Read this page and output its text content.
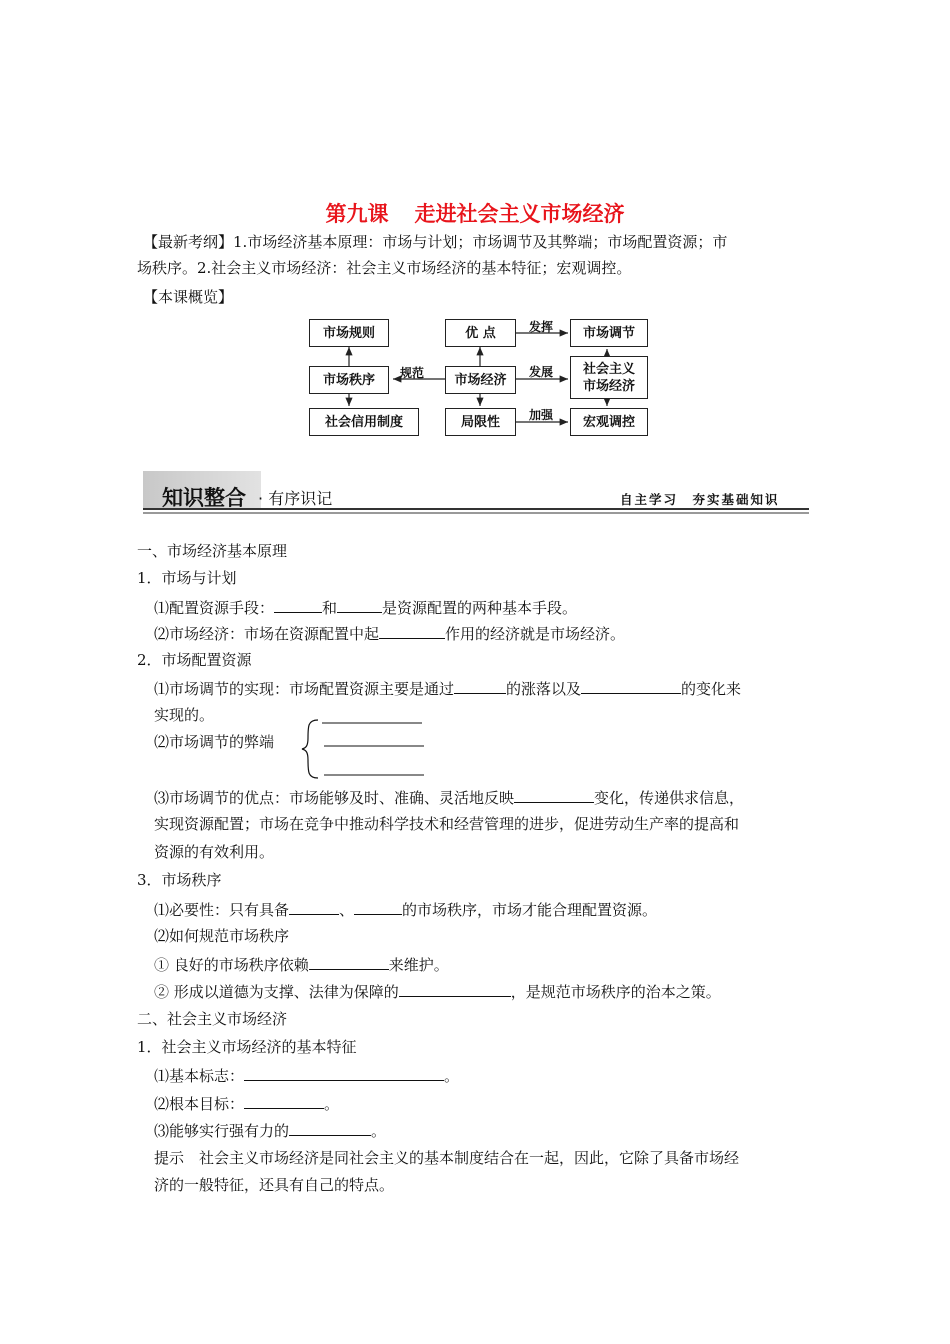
第九课 走进社会主义市场经济
【最新考纲】1.市场经济基本原理：市场与计划；市场调节及其弊端；市场配置资源；市
场秩序。2.社会主义市场经济：社会主义市场经济的基本特征；宏观调控。
【本课概览】
市场规则
市场秩序
社会信用制度
优 点
市场经济
局限性
市场调节
社会主义
市场经济
宏观调控
规范
发挥
发展
加强
知识整合 · 有序识记	自主学习　夯实基础知识
一、市场经济基本原理
1．市场与计划
⑴配置资源手段：	和	是资源配置的两种基本手段。
⑵市场经济：市场在资源配置中起	作用的经济就是市场经济。
2．市场配置资源
⑴市场调节的实现：市场配置资源主要是通过	的涨落以及	的变化来
实现的。
⑵市场调节的弊端
⑶市场调节的优点：市场能够及时、准确、灵活地反映	变化，传递供求信息，
实现资源配置；市场在竞争中推动科学技术和经营管理的进步，促进劳动生产率的提高和
资源的有效利用。
3．市场秩序
⑴必要性：只有具备	、	的市场秩序，市场才能合理配置资源。
⑵如何规范市场秩序
① 良好的市场秩序依赖	来维护。
② 形成以道德为支撑、法律为保障的	，是规范市场秩序的治本之策。
二、社会主义市场经济
1．社会主义市场经济的基本特征
⑴基本标志：	。
⑵根本目标：	。
⑶能够实行强有力的	。
提示　社会主义市场经济是同社会主义的基本制度结合在一起，因此，它除了具备市场经
济的一般特征，还具有自己的特点。
